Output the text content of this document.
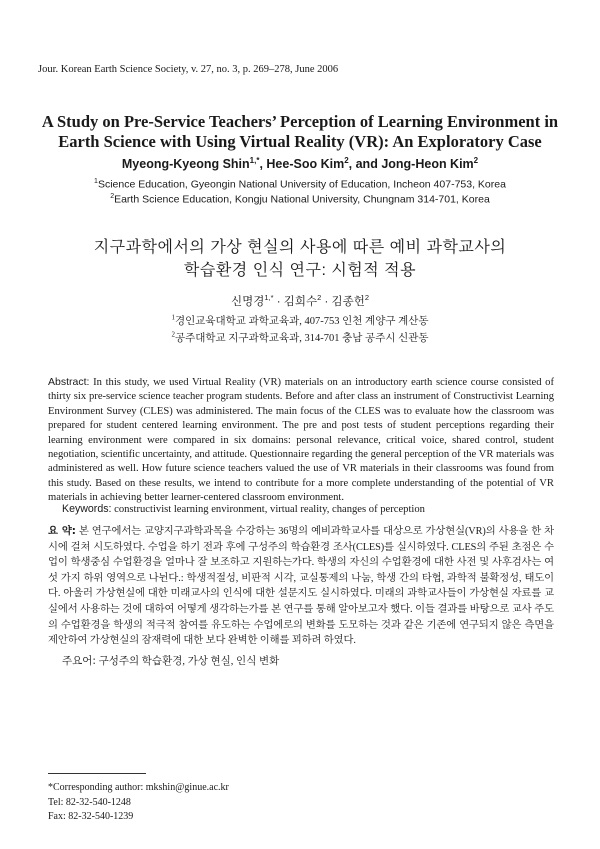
Jour. Korean Earth Science Society, v. 27, no. 3, p. 269–278, June 2006
A Study on Pre-Service Teachers’ Perception of Learning Environment in
Earth Science with Using Virtual Reality (VR): An Exploratory Case
Myeong-Kyeong Shin$^{1,*}$, Hee-Soo Kim$^2$, and Jong-Heon Kim$^2$
$^1$Science Education, Gyeongin National University of Education, Incheon 407-753, Korea
$^2$Earth Science Education, Kongju National University, Chungnam 314-701, Korea
지구과학에서의 가상 현실의 사용에 따른 예비 과학교사의
학습환경 인식 연구: 시험적 적용
신명경$^{1,*}$ · 김희수$^2$ · 김종헌$^2$
$^1$경인교육대학교 과학교육과, 407-753 인천 계양구 계산동
$^2$공주대학교 지구과학교육과, 314-701 충남 공주시 신관동
Abstract: In this study, we used Virtual Reality (VR) materials on an introductory earth science course consisted of thirty six pre-service science teacher program students. Before and after class an instrument of Constructivist Learning Environment Survey (CLES) was administered. The main focus of the CLES was to evaluate how the classroom was prepared for student centered learning environment. The pre and post tests of student perceptions regarding their learning environment were compared in six domains: personal relevance, critical voice, shared control, student negotiation, scientific uncertainty, and attitude. Questionnaire regarding the general perception of the VR materials was administered as well. How future science teachers valued the use of VR materials in their classrooms was found from this study. Based on these results, we intend to contribute for a more complete understanding of the potential of VR materials in achieving better learner-centered classroom environment.
Keywords: constructivist learning environment, virtual reality, changes of perception
요 약: 본 연구에서는 교양지구과학과목을 수강하는 36명의 예비과학교사를 대상으로 가상현실(VR)의 사용을 한 차시에 걸쳐 시도하였다. 수업을 하기 전과 후에 구성주의 학습환경 조사(CLES)를 실시하였다. CLES의 주된 초점은 수업이 학생중심 수업환경을 얼마나 잘 보조하고 지원하는가다. 학생의 자신의 수업환경에 대한 사전 및 사후검사는 여섯 가지 하위 영역으로 나뉜다.: 학생적절성, 비판적 시각, 교실통제의 나눔, 학생 간의 타협, 과학적 불확정성, 태도이다. 아울러 가상현실에 대한 미래교사의 인식에 대한 설문지도 실시하였다. 미래의 과학교사들이 가상현실 자료를 교실에서 사용하는 것에 대하여 어떻게 생각하는가를 본 연구를 통해 알아보고자 했다. 이들 결과를 바탕으로 교사 주도의 수업환경을 학생의 적극적 참여를 유도하는 수업에로의 변화를 도모하는 것과 같은 기존에 연구되지 않은 측면을 제안하여 가상현실의 잠재력에 대한 보다 완벽한 이해를 꾀하려 하였다.
주요어: 구성주의 학습환경, 가상 현실, 인식 변화
*Corresponding author: mkshin@ginue.ac.kr
Tel: 82-32-540-1248
Fax: 82-32-540-1239
